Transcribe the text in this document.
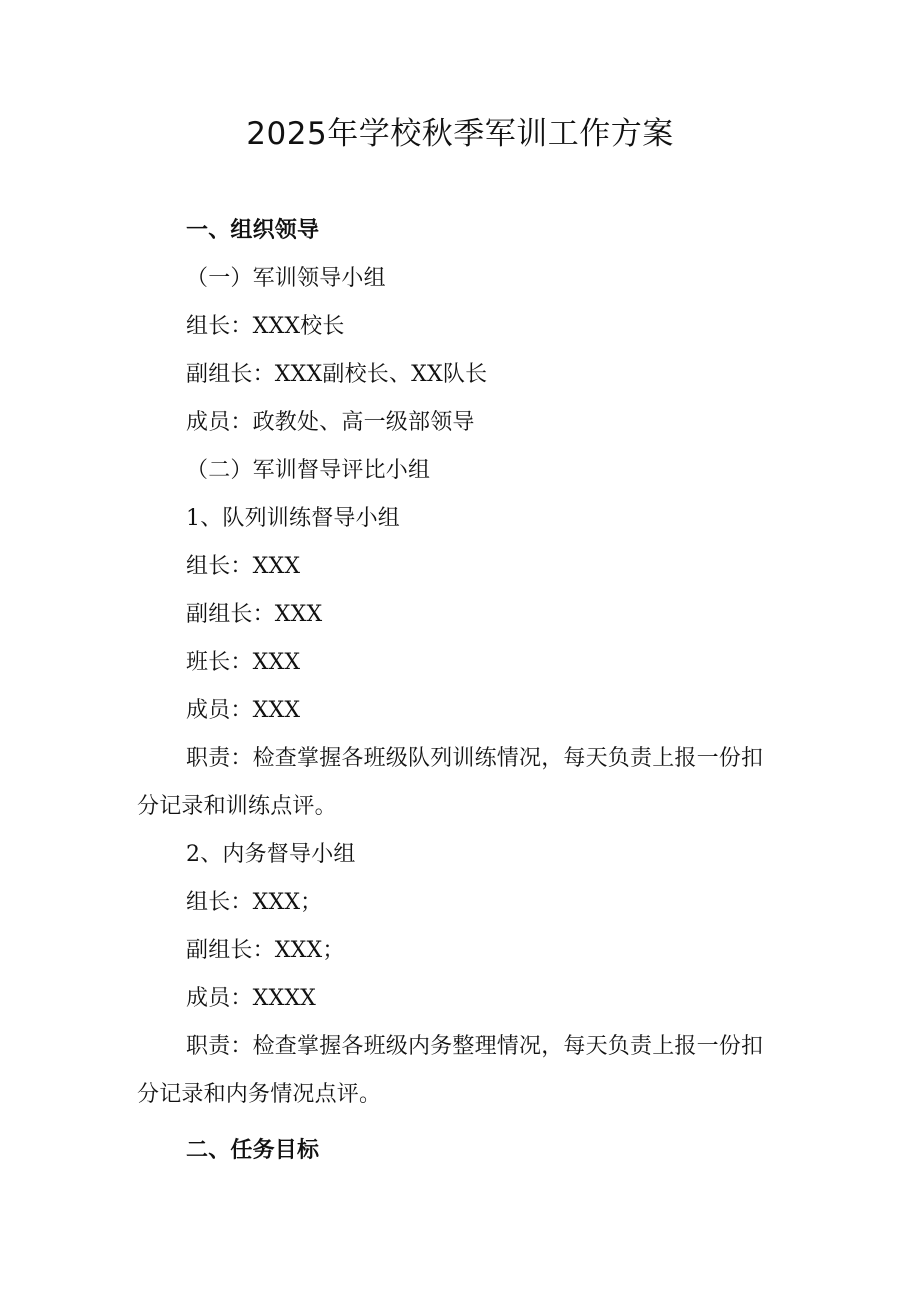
2025年学校秋季军训工作方案
一、组织领导
（一）军训领导小组
组长：XXX校长
副组长：XXX副校长、XX队长
成员：政教处、高一级部领导
（二）军训督导评比小组
1、队列训练督导小组
组长：XXX
副组长：XXX
班长：XXX
成员：XXX
职责：检查掌握各班级队列训练情况，每天负责上报一份扣
分记录和训练点评。
2、内务督导小组
组长：XXX；
副组长：XXX；
成员：XXXX
职责：检查掌握各班级内务整理情况，每天负责上报一份扣
分记录和内务情况点评。
二、任务目标
